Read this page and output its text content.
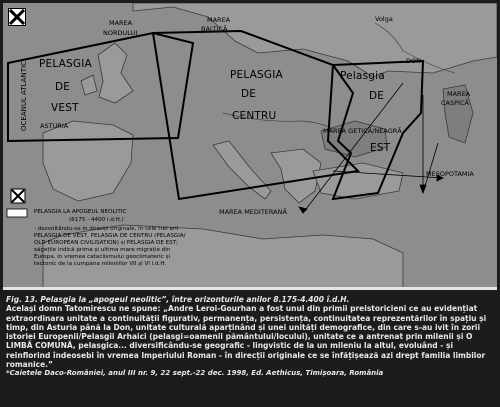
OCEANUL ATLANTIC
MAREA
NORDULUI
MAREA
BALTICĂ
Volga
DON
MAREA
CASPICĂ
ASTURIA
MAREA GETICĂ/NEAGRĂ
MESOPOTAMIA
MAREA MEDITERANĂ
PELASGIA
DE
VEST
PELASGIA
DE
CENTRU
Pelasgia
DE
EST
PELASGIA LA APOGEUL NEOLITIC
(6175 - 4400 i.d.H.)
- dezvoltându-se in direcții originale, in cele trei arii
PELASGIA DE VEST, PELASGIA DE CENTRU (PELASGIA/
OLD EUROPEAN CIVILISATION) și PELASGIA DE EST;
săgețile indică prima și ultima mare migrație din
Europa, in vremea cataclismului geoclimateric și
tectonic de la cumpăna mileniilor VII și VI i.d.H.
Fig. 13. Pelasgia la „apogeul neolitic”, între orizonturile anilor 8.175-4.400 î.d.H.
Același domn Tatomirescu ne spune: „Andre Leroi-Gourhan a fost unul din primii preistoricieni ce au evidențiat extraordinara unitate a continuității figurativ, permanența, persistența, continuitatea reprezentărilor în spațiu și timp, din Asturia până la Don, unitate culturală aparținând și unei unități demografice, din care s-au ivit în zorii istoriei Europenii/Pelasgii Arhaici (pelasgi=oamenii pământului/locului), unitate ce a antrenat prin milenii și O LIMBĂ COMUNĂ, pelasgica... diversificându-se geografic - lingvistic de la un mileniu la altul, evoluând - și reinflorind îndeosebi în vremea Imperiului Roman - în direcții originale ce se înfățișează azi drept familia limbilor romanice.”
*Caietele Daco-României, anul III nr. 9, 22 sept.-22 dec. 1998, Ed. Aethicus, Timișoara, România
